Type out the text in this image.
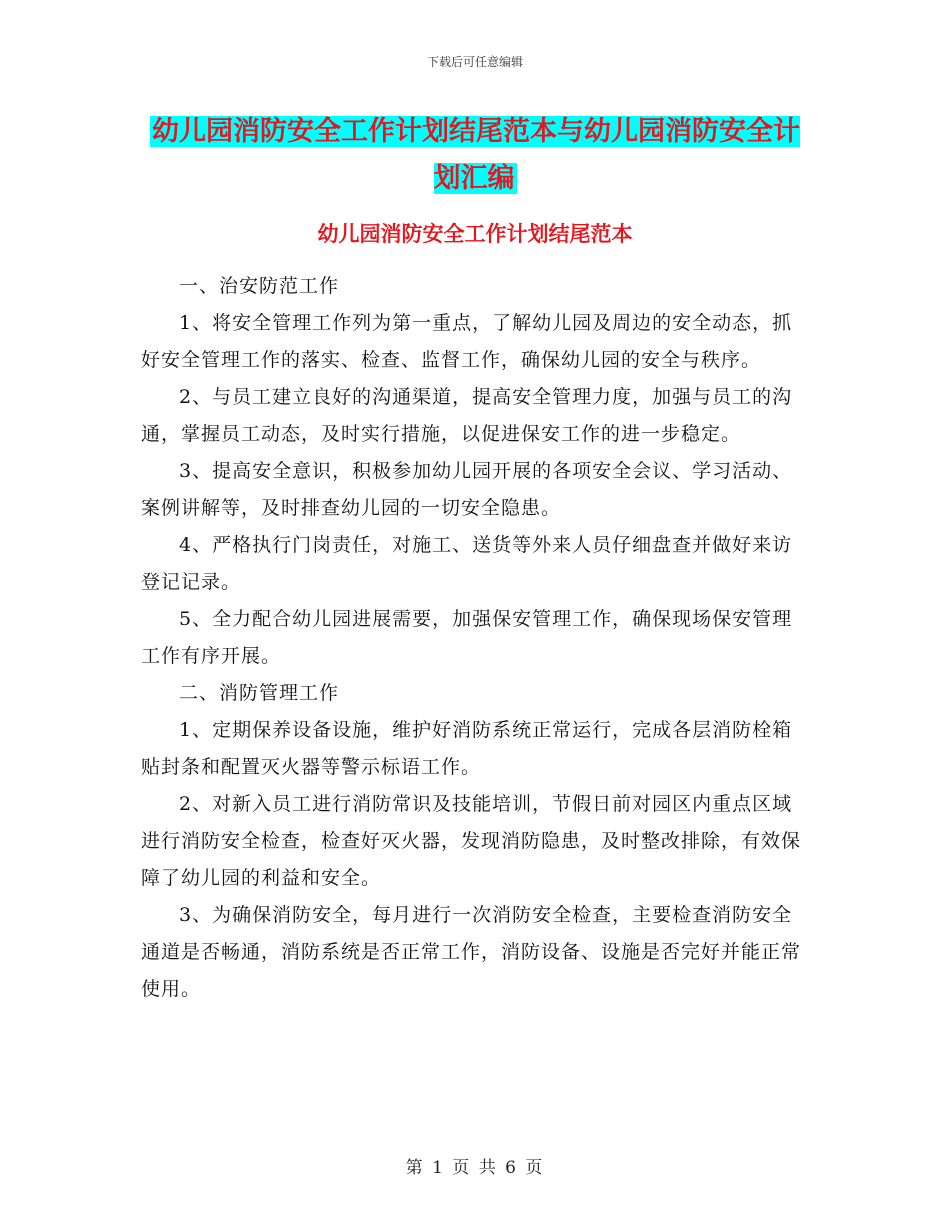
下载后可任意编辑
幼儿园消防安全工作计划结尾范本与幼儿园消防安全计划汇编
幼儿园消防安全工作计划结尾范本

一、治安防范工作

1、将安全管理工作列为第一重点，了解幼儿园及周边的安全动态，抓好安全管理工作的落实、检查、监督工作，确保幼儿园的安全与秩序。

2、与员工建立良好的沟通渠道，提高安全管理力度，加强与员工的沟通，掌握员工动态，及时实行措施，以促进保安工作的进一步稳定。

3、提高安全意识，积极参加幼儿园开展的各项安全会议、学习活动、案例讲解等，及时排查幼儿园的一切安全隐患。

4、严格执行门岗责任，对施工、送货等外来人员仔细盘查并做好来访登记记录。

5、全力配合幼儿园进展需要，加强保安管理工作，确保现场保安管理工作有序开展。

二、消防管理工作

1、定期保养设备设施，维护好消防系统正常运行，完成各层消防栓箱贴封条和配置灭火器等警示标语工作。

2、对新入员工进行消防常识及技能培训，节假日前对园区内重点区域进行消防安全检查，检查好灭火器，发现消防隐患，及时整改排除，有效保障了幼儿园的利益和安全。

3、为确保消防安全，每月进行一次消防安全检查，主要检查消防安全通道是否畅通，消防系统是否正常工作，消防设备、设施是否完好并能正常使用。

第 1 页 共 6 页
